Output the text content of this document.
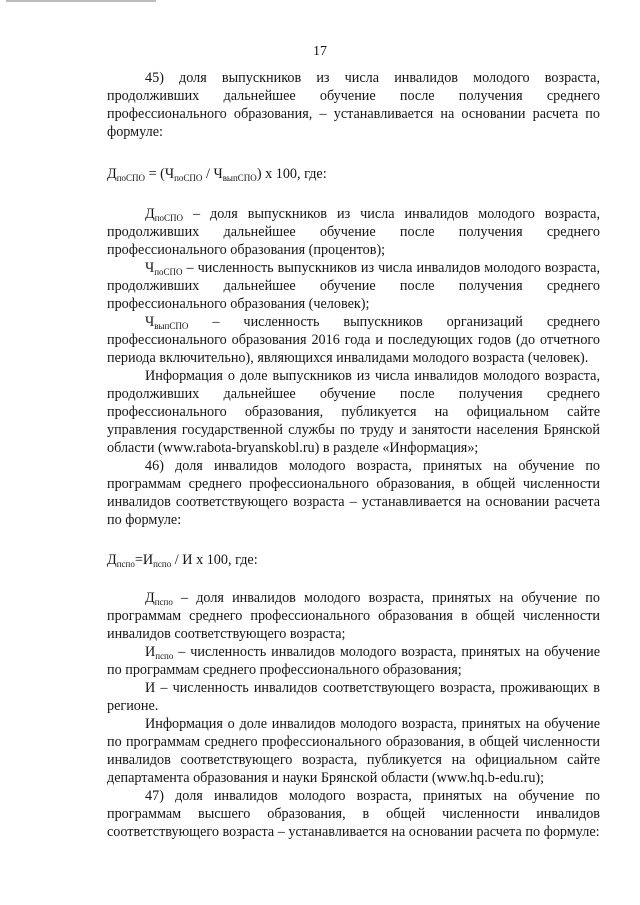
17

45) доля выпускников из числа инвалидов молодого возраста, продолживших дальнейшее обучение после получения среднего профессионального образования, – устанавливается на основании расчета по формуле:

$Д_{поСПО} = (Ч_{поСПО} / Ч_{выпСПО})$ х 100, где:

$Д_{поСПО}$ – доля выпускников из числа инвалидов молодого возраста, продолживших дальнейшее обучение после получения среднего профессионального образования (процентов);

$Ч_{поСПО}$ – численность выпускников из числа инвалидов молодого возраста, продолживших дальнейшее обучение после получения среднего профессионального образования (человек);

$Ч_{выпСПО}$ – численность выпускников организаций среднего профессионального образования 2016 года и последующих годов (до отчетного периода включительно), являющихся инвалидами молодого возраста (человек).

Информация о доле выпускников из числа инвалидов молодого возраста, продолживших дальнейшее обучение после получения среднего профессионального образования, публикуется на официальном сайте управления государственной службы по труду и занятости населения Брянской области (www.rabota-bryanskobl.ru) в разделе «Информация»;

46) доля инвалидов молодого возраста, принятых на обучение по программам среднего профессионального образования, в общей численности инвалидов соответствующего возраста – устанавливается на основании расчета по формуле:

$Д_{пспо}=И_{пспо} / И$ х 100, где:

$Д_{пспо}$ – доля инвалидов молодого возраста, принятых на обучение по программам среднего профессионального образования в общей численности инвалидов соответствующего возраста;

$И_{пспо}$ – численность инвалидов молодого возраста, принятых на обучение по программам среднего профессионального образования;

И – численность инвалидов соответствующего возраста, проживающих в регионе.

Информация о доле инвалидов молодого возраста, принятых на обучение по программам среднего профессионального образования, в общей численности инвалидов соответствующего возраста, публикуется на официальном сайте департамента образования и науки Брянской области (www.hq.b-edu.ru);

47) доля инвалидов молодого возраста, принятых на обучение по программам высшего образования, в общей численности инвалидов соответствующего возраста – устанавливается на основании расчета по формуле:
